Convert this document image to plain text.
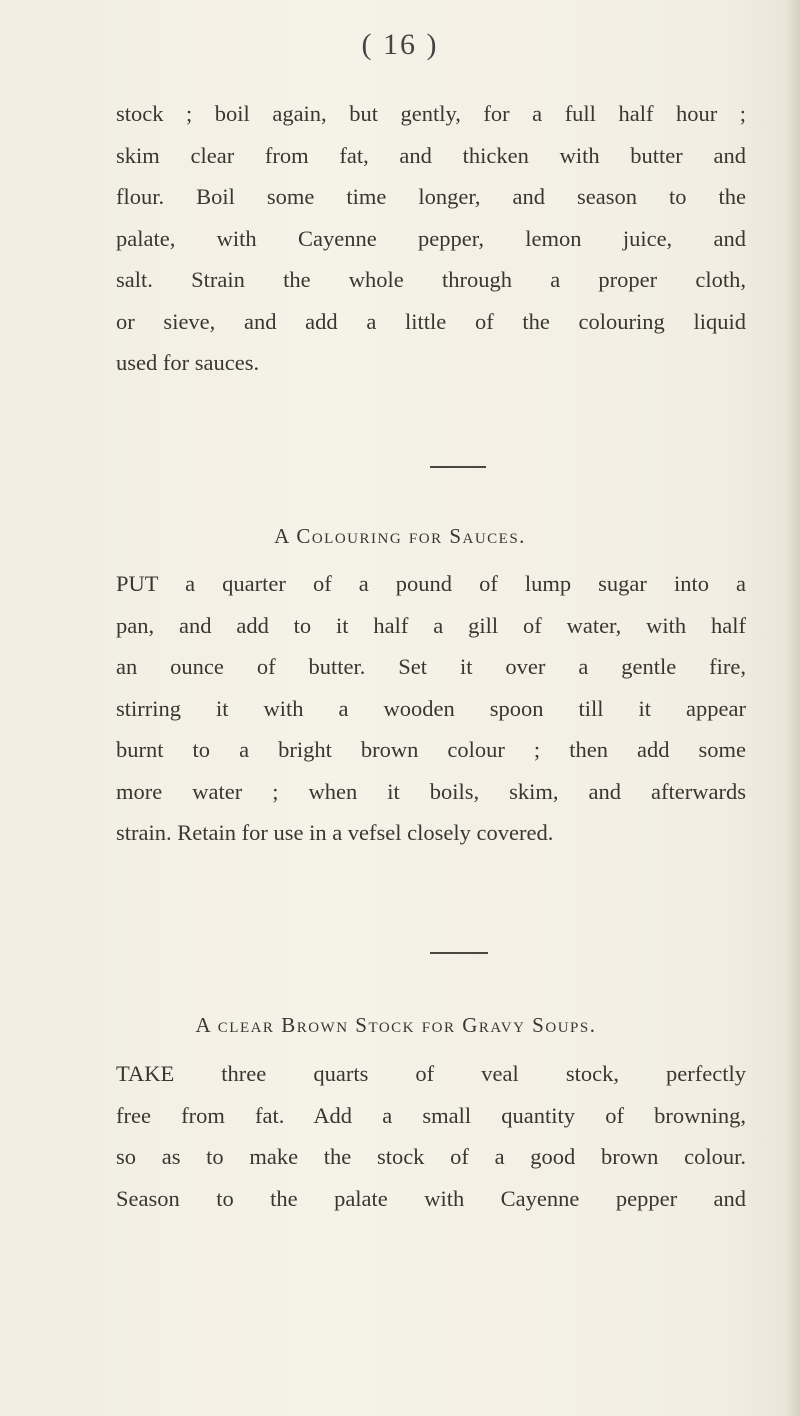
( 16 )
stock ; boil again, but gently, for a full half hour ;
skim clear from fat, and thicken with butter and
flour. Boil some time longer, and season to the
palate, with Cayenne pepper, lemon juice, and
salt. Strain the whole through a proper cloth,
or sieve, and add a little of the colouring liquid
used for sauces.
A Colouring for Sauces.
PUT a quarter of a pound of lump sugar into a
pan, and add to it half a gill of water, with half
an ounce of butter. Set it over a gentle fire,
stirring it with a wooden spoon till it appear
burnt to a bright brown colour ; then add some
more water ; when it boils, skim, and afterwards
strain. Retain for use in a vefsel closely covered.
A clear Brown Stock for Gravy Soups.
TAKE three quarts of veal stock, perfectly
free from fat. Add a small quantity of browning,
so as to make the stock of a good brown colour.
Season to the palate with Cayenne pepper and
